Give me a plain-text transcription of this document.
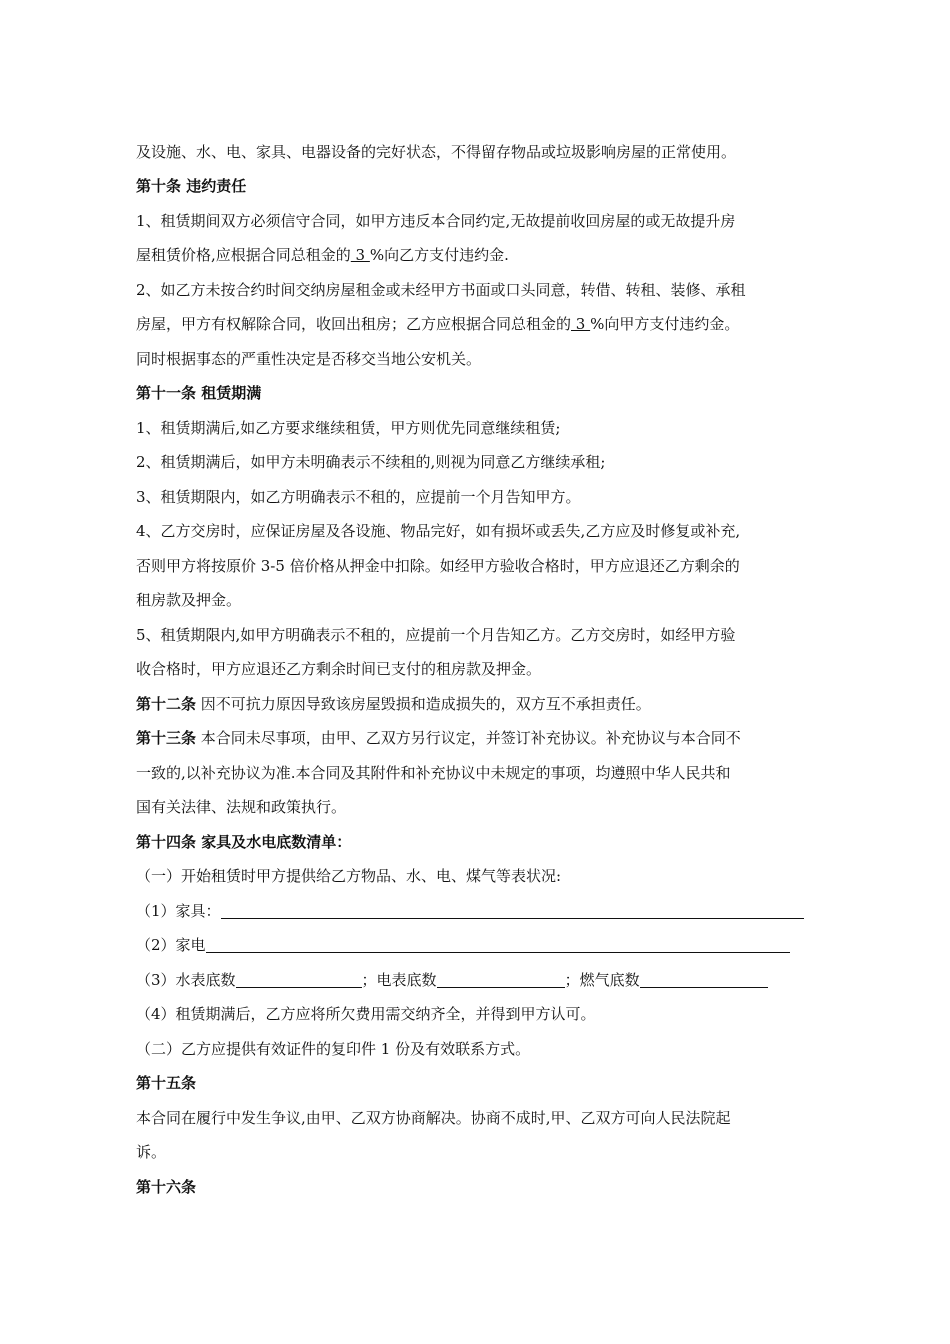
及设施、水、电、家具、电器设备的完好状态，不得留存物品或垃圾影响房屋的正常使用。
第十条 违约责任
1、租赁期间双方必须信守合同，如甲方违反本合同约定,无故提前收回房屋的或无故提升房
屋租赁价格,应根据合同总租金的 3 %向乙方支付违约金.
2、如乙方未按合约时间交纳房屋租金或未经甲方书面或口头同意，转借、转租、装修、承租
房屋，甲方有权解除合同，收回出租房；乙方应根据合同总租金的 3 %向甲方支付违约金。
同时根据事态的严重性决定是否移交当地公安机关。
第十一条 租赁期满
1、租赁期满后,如乙方要求继续租赁，甲方则优先同意继续租赁;
2、租赁期满后，如甲方未明确表示不续租的,则视为同意乙方继续承租;
3、租赁期限内，如乙方明确表示不租的，应提前一个月告知甲方。
4、乙方交房时，应保证房屋及各设施、物品完好，如有损坏或丢失,乙方应及时修复或补充,
否则甲方将按原价 3-5 倍价格从押金中扣除。如经甲方验收合格时，甲方应退还乙方剩余的
租房款及押金。
5、租赁期限内,如甲方明确表示不租的，应提前一个月告知乙方。乙方交房时，如经甲方验
收合格时，甲方应退还乙方剩余时间已支付的租房款及押金。
第十二条 因不可抗力原因导致该房屋毁损和造成损失的，双方互不承担责任。
第十三条 本合同未尽事项，由甲、乙双方另行议定，并签订补充协议。补充协议与本合同不
一致的,以补充协议为准.本合同及其附件和补充协议中未规定的事项，均遵照中华人民共和
国有关法律、法规和政策执行。
第十四条 家具及水电底数清单：
（一）开始租赁时甲方提供给乙方物品、水、电、煤气等表状况:
（1）家具：
（2）家电
（3）水表底数	；电表底数	；燃气底数
（4）租赁期满后，乙方应将所欠费用需交纳齐全，并得到甲方认可。
（二）乙方应提供有效证件的复印件 1 份及有效联系方式。
第十五条
本合同在履行中发生争议,由甲、乙双方协商解决。协商不成时,甲、乙双方可向人民法院起
诉。
第十六条
